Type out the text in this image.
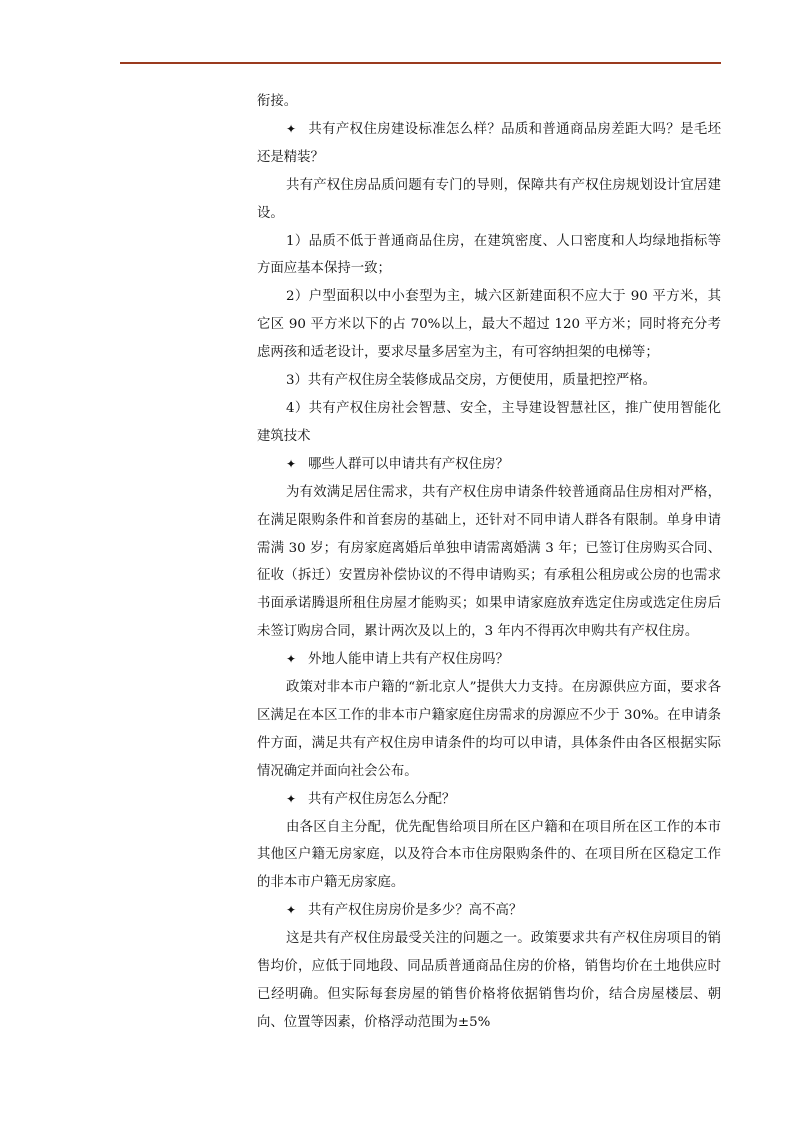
衔接。

✦ 共有产权住房建设标准怎么样？品质和普通商品房差距大吗？是毛坯还是精装？

共有产权住房品质问题有专门的导则，保障共有产权住房规划设计宜居建设。

1）品质不低于普通商品住房，在建筑密度、人口密度和人均绿地指标等方面应基本保持一致；

2）户型面积以中小套型为主，城六区新建面积不应大于 90 平方米，其它区 90 平方米以下的占 70%以上，最大不超过 120 平方米；同时将充分考虑两孩和适老设计，要求尽量多居室为主，有可容纳担架的电梯等；

3）共有产权住房全装修成品交房，方便使用，质量把控严格。

4）共有产权住房社会智慧、安全，主导建设智慧社区，推广使用智能化建筑技术

✦ 哪些人群可以申请共有产权住房？

为有效满足居住需求，共有产权住房申请条件较普通商品住房相对严格，在满足限购条件和首套房的基础上，还针对不同申请人群各有限制。单身申请需满 30 岁；有房家庭离婚后单独申请需离婚满 3 年；已签订住房购买合同、征收（拆迁）安置房补偿协议的不得申请购买；有承租公租房或公房的也需求书面承诺腾退所租住房屋才能购买；如果申请家庭放弃选定住房或选定住房后未签订购房合同，累计两次及以上的，3 年内不得再次申购共有产权住房。

✦ 外地人能申请上共有产权住房吗？

政策对非本市户籍的“新北京人”提供大力支持。在房源供应方面，要求各区满足在本区工作的非本市户籍家庭住房需求的房源应不少于 30%。在申请条件方面，满足共有产权住房申请条件的均可以申请，具体条件由各区根据实际情况确定并面向社会公布。

✦ 共有产权住房怎么分配？

由各区自主分配，优先配售给项目所在区户籍和在项目所在区工作的本市其他区户籍无房家庭，以及符合本市住房限购条件的、在项目所在区稳定工作的非本市户籍无房家庭。

✦ 共有产权住房房价是多少？高不高？

这是共有产权住房最受关注的问题之一。政策要求共有产权住房项目的销售均价，应低于同地段、同品质普通商品住房的价格，销售均价在土地供应时已经明确。但实际每套房屋的销售价格将依据销售均价，结合房屋楼层、朝向、位置等因素，价格浮动范围为±5%
